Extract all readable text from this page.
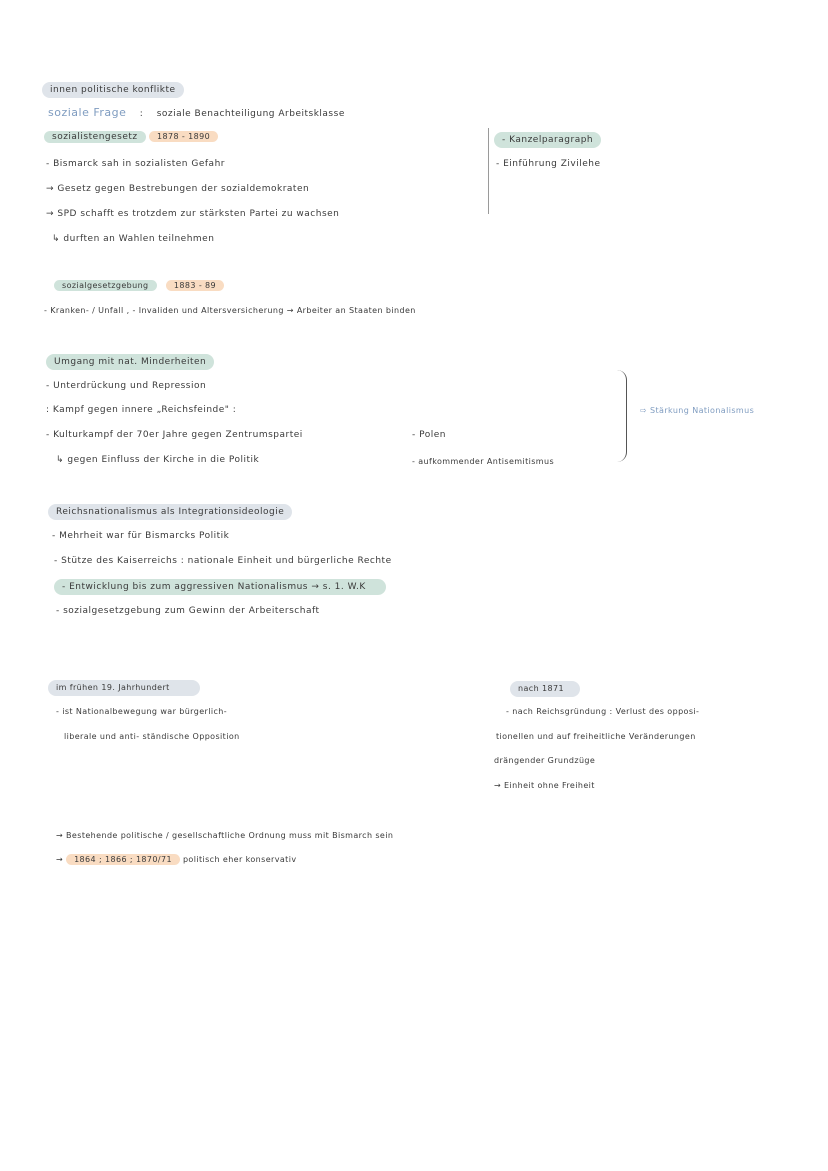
innen politische konflikte
soziale Frage : soziale Benachteiligung Arbeitsklasse
sozialistengesetz 1878 - 1890
- Bismarck sah in sozialisten Gefahr
→ Gesetz gegen Bestrebungen der sozialdemokraten
→ SPD schafft es trotzdem zur stärksten Partei zu wachsen
↳ durften an Wahlen teilnehmen
- Kanzelparagraph
- Einführung Zivilehe
sozialgesetzgebung	1883 - 89
- Kranken- / Unfall , - Invaliden und Altersversicherung → Arbeiter an Staaten binden
Umgang mit nat. Minderheiten
- Unterdrückung und Repression
: Kampf gegen innere „Reichsfeinde" :
- Kulturkampf der 70er Jahre gegen Zentrumspartei
↳ gegen Einfluss der Kirche in die Politik
- Polen
- aufkommender Antisemitismus
⇨ Stärkung Nationalismus
Reichsnationalismus als Integrationsideologie
- Mehrheit war für Bismarcks Politik
- Stütze des Kaiserreichs : nationale Einheit und bürgerliche Rechte
- Entwicklung bis zum aggressiven Nationalismus → s. 1. W.K
- sozialgesetzgebung zum Gewinn der Arbeiterschaft
im frühen 19. Jahrhundert
- ist Nationalbewegung war bürgerlich-
liberale und anti- ständische Opposition
nach 1871
- nach Reichsgründung : Verlust des opposi-
tionellen und auf freiheitliche Veränderungen
drängender Grundzüge
→ Einheit ohne Freiheit
→ Bestehende politische / gesellschaftliche Ordnung muss mit Bismarch sein
→ 1864 ; 1866 ; 1870/71 politisch eher konservativ
